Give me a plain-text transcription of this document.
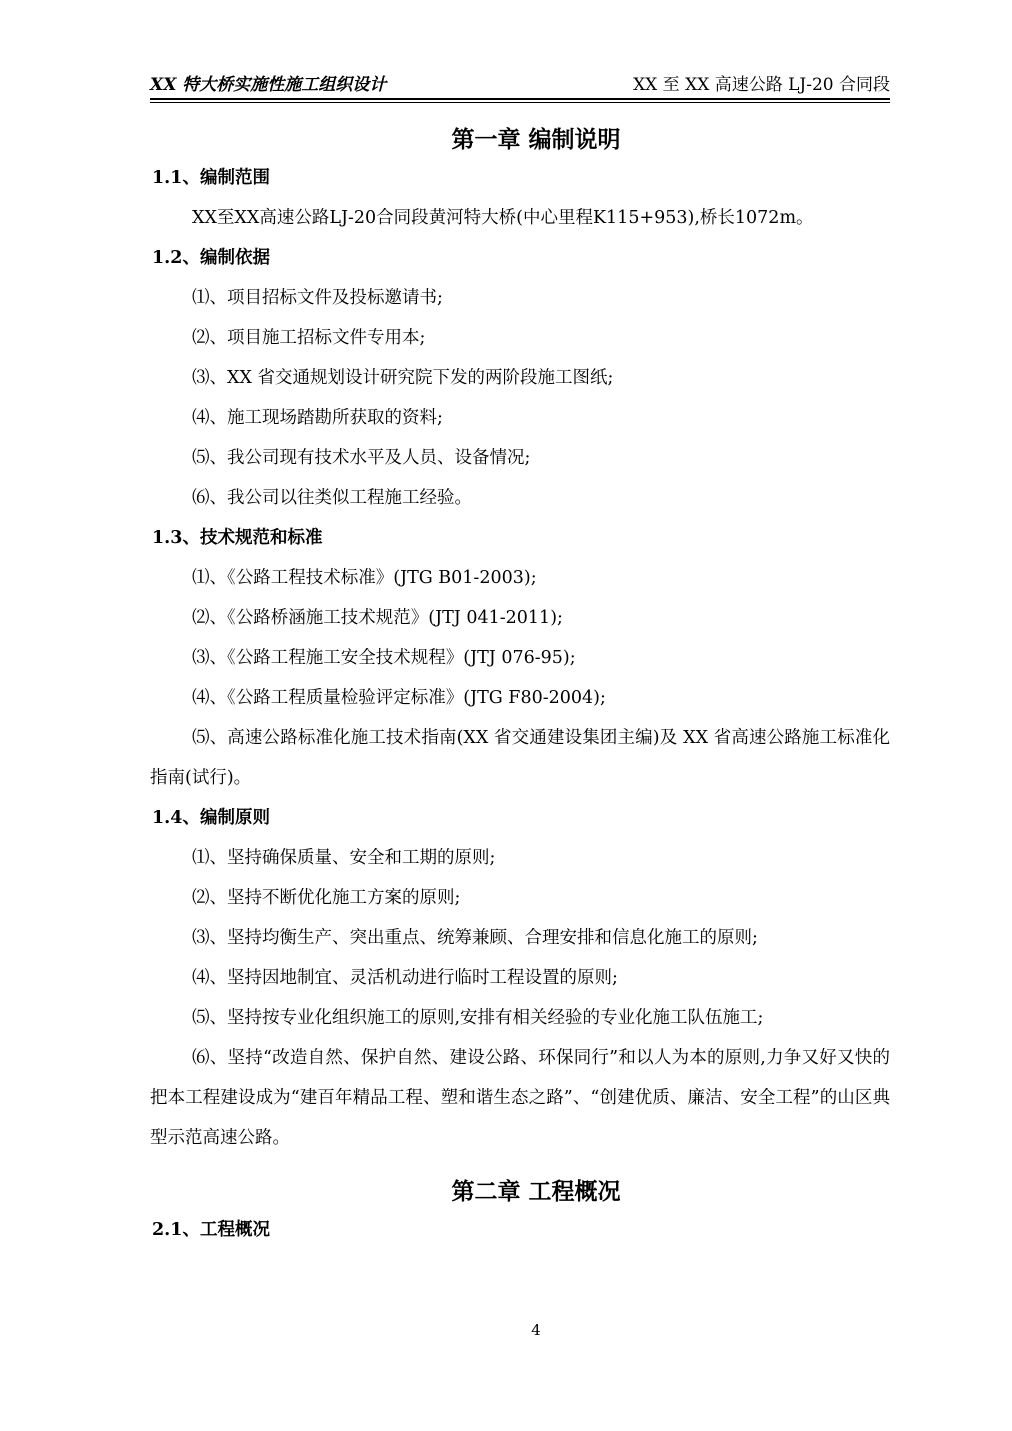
XX 特大桥实施性施工组织设计	XX 至 XX 高速公路 LJ-20 合同段
第一章 编制说明
1.1、编制范围

XX至XX高速公路LJ-20合同段黄河特大桥(中心里程K115+953),桥长1072m。

1.2、编制依据

⑴、项目招标文件及投标邀请书;

⑵、项目施工招标文件专用本;

⑶、XX 省交通规划设计研究院下发的两阶段施工图纸;

⑷、施工现场踏勘所获取的资料;

⑸、我公司现有技术水平及人员、设备情况;

⑹、我公司以往类似工程施工经验。

1.3、技术规范和标准

⑴、《公路工程技术标准》(JTG B01-2003);

⑵、《公路桥涵施工技术规范》(JTJ 041-2011);

⑶、《公路工程施工安全技术规程》(JTJ 076-95);

⑷、《公路工程质量检验评定标准》(JTG F80-2004);

⑸、高速公路标准化施工技术指南(XX 省交通建设集团主编)及 XX 省高速公路施工标准化指南(试行)。

1.4、编制原则

⑴、坚持确保质量、安全和工期的原则;

⑵、坚持不断优化施工方案的原则;

⑶、坚持均衡生产、突出重点、统筹兼顾、合理安排和信息化施工的原则;

⑷、坚持因地制宜、灵活机动进行临时工程设置的原则;

⑸、坚持按专业化组织施工的原则,安排有相关经验的专业化施工队伍施工;

⑹、坚持“改造自然、保护自然、建设公路、环保同行”和以人为本的原则,力争又好又快的把本工程建设成为“建百年精品工程、塑和谐生态之路”、“创建优质、廉洁、安全工程”的山区典型示范高速公路。

第二章 工程概况
2.1、工程概况
4
